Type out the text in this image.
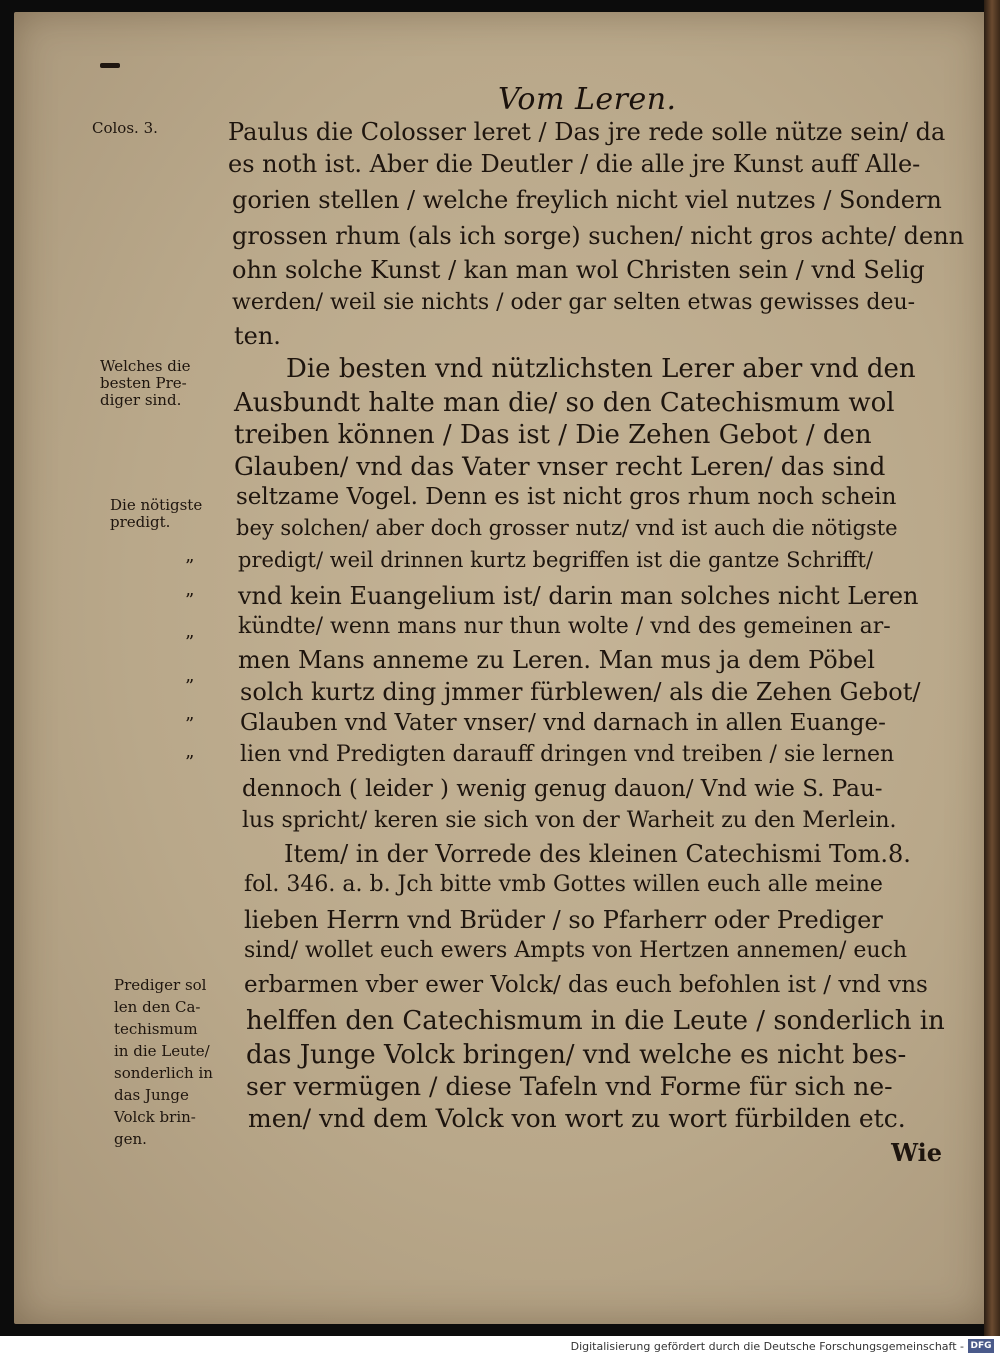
Vom Leren.
Colos. 3.
Welches die
besten Pre-
diger sind.
Die nötigste
predigt.
Prediger sol
len den Ca-
techismum
in die Leute/
sonderlich in
das Junge
Volck brin-
gen.
”
”
”
”
”
”
Paulus die Colosser leret / Das jre rede solle nütze sein/ da
es noth ist. Aber die Deutler / die alle jre Kunst auff Alle-
gorien stellen / welche freylich nicht viel nutzes / Sondern
grossen rhum (als ich sorge) suchen/ nicht gros achte/ denn
ohn solche Kunst / kan man wol Christen sein / vnd Selig
werden/ weil sie nichts / oder gar selten etwas gewisses deu-
ten.
Die besten vnd nützlichsten Lerer aber vnd den
Ausbundt halte man die/ so den Catechismum wol
treiben können / Das ist / Die Zehen Gebot / den
Glauben/ vnd das Vater vnser recht Leren/ das sind
seltzame Vogel. Denn es ist nicht gros rhum noch schein
bey solchen/ aber doch grosser nutz/ vnd ist auch die nötigste
predigt/ weil drinnen kurtz begriffen ist die gantze Schrifft/
vnd kein Euangelium ist/ darin man solches nicht Leren
kündte/ wenn mans nur thun wolte / vnd des gemeinen ar-
men Mans anneme zu Leren. Man mus ja dem Pöbel
solch kurtz ding jmmer fürblewen/ als die Zehen Gebot/
Glauben vnd Vater vnser/ vnd darnach in allen Euange-
lien vnd Predigten darauff dringen vnd treiben / sie lernen
dennoch ( leider ) wenig genug dauon/ Vnd wie S. Pau-
lus spricht/ keren sie sich von der Warheit zu den Merlein.
Item/ in der Vorrede des kleinen Catechismi Tom.8.
fol. 346. a. b. Jch bitte vmb Gottes willen euch alle meine
lieben Herrn vnd Brüder / so Pfarherr oder Prediger
sind/ wollet euch ewers Ampts von Hertzen annemen/ euch
erbarmen vber ewer Volck/ das euch befohlen ist / vnd vns
helffen den Catechismum in die Leute / sonderlich in
das Junge Volck bringen/ vnd welche es nicht bes-
ser vermügen / diese Tafeln vnd Forme für sich ne-
men/ vnd dem Volck von wort zu wort fürbilden etc.
Wie
Digitalisierung gefördert durch die Deutsche Forschungsgemeinschaft - DFG
